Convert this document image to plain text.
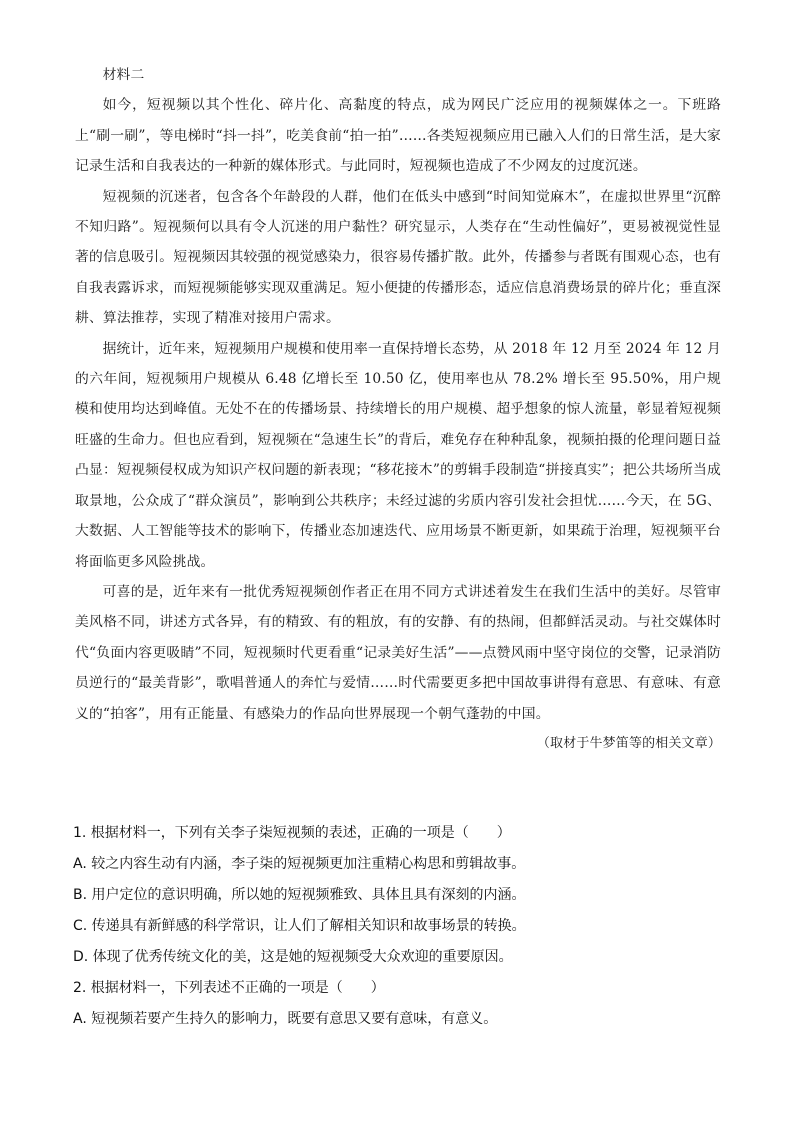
材料二

如今，短视频以其个性化、碎片化、高黏度的特点，成为网民广泛应用的视频媒体之一。下班路上“刷一刷”，等电梯时“抖一抖”，吃美食前“拍一拍”……各类短视频应用已融入人们的日常生活，是大家记录生活和自我表达的一种新的媒体形式。与此同时，短视频也造成了不少网友的过度沉迷。

短视频的沉迷者，包含各个年龄段的人群，他们在低头中感到“时间知觉麻木”，在虚拟世界里“沉醉不知归路”。短视频何以具有令人沉迷的用户黏性？研究显示，人类存在“生动性偏好”，更易被视觉性显著的信息吸引。短视频因其较强的视觉感染力，很容易传播扩散。此外，传播参与者既有围观心态，也有自我表露诉求，而短视频能够实现双重满足。短小便捷的传播形态，适应信息消费场景的碎片化；垂直深耕、算法推荐，实现了精准对接用户需求。

据统计，近年来，短视频用户规模和使用率一直保持增长态势，从 2018 年 12 月至 2024 年 12 月的六年间，短视频用户规模从 6.48 亿增长至 10.50 亿，使用率也从 78.2% 增长至 95.50%，用户规模和使用均达到峰值。无处不在的传播场景、持续增长的用户规模、超乎想象的惊人流量，彰显着短视频旺盛的生命力。但也应看到，短视频在“急速生长”的背后，难免存在种种乱象，视频拍摄的伦理问题日益凸显：短视频侵权成为知识产权问题的新表现；“移花接木”的剪辑手段制造“拼接真实”；把公共场所当成取景地，公众成了“群众演员”，影响到公共秩序；未经过滤的劣质内容引发社会担忧……今天，在 5G、大数据、人工智能等技术的影响下，传播业态加速迭代、应用场景不断更新，如果疏于治理，短视频平台将面临更多风险挑战。

可喜的是，近年来有一批优秀短视频创作者正在用不同方式讲述着发生在我们生活中的美好。尽管审美风格不同，讲述方式各异，有的精致、有的粗放，有的安静、有的热闹，但都鲜活灵动。与社交媒体时代“负面内容更吸睛”不同，短视频时代更看重“记录美好生活”——点赞风雨中坚守岗位的交警，记录消防员逆行的“最美背影”，歌唱普通人的奔忙与爱情……时代需要更多把中国故事讲得有意思、有意味、有意义的“拍客”，用有正能量、有感染力的作品向世界展现一个朝气蓬勃的中国。

（取材于牛梦笛等的相关文章）
1. 根据材料一，下列有关李子柒短视频的表述，正确的一项是（　　）
A. 较之内容生动有内涵，李子柒的短视频更加注重精心构思和剪辑故事。
B. 用户定位的意识明确，所以她的短视频雅致、具体且具有深刻的内涵。
C. 传递具有新鲜感的科学常识，让人们了解相关知识和故事场景的转换。
D. 体现了优秀传统文化的美，这是她的短视频受大众欢迎的重要原因。
2. 根据材料一，下列表述不正确的一项是（　　）
A. 短视频若要产生持久的影响力，既要有意思又要有意味，有意义。
